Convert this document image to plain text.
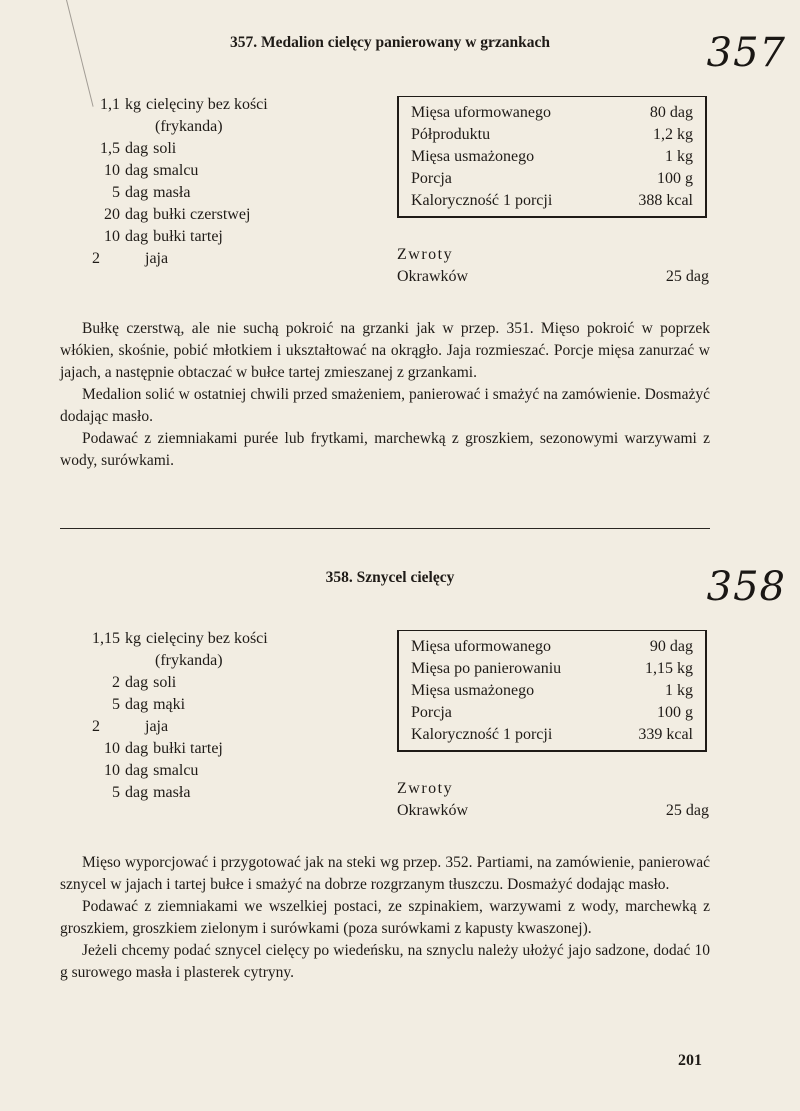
357
357. Medalion cielęcy panierowany w grzankach
1,1 kg cielęciny bez kości
(frykanda)
1,5 dag soli
10 dag smalcu
5 dag masła
20 dag bułki czerstwej
10 dag bułki tartej
2	jaja
Mięsa uformowanego	80 dag
Półproduktu	1,2 kg
Mięsa usmażonego	1 kg
Porcja	100 g
Kaloryczność 1 porcji	388 kcal
Zwroty
Okrawków	25 dag

Bułkę czerstwą, ale nie suchą pokroić na grzanki jak w przep. 351. Mięso pokroić w poprzek włókien, skośnie, pobić młotkiem i ukształtować na okrągło. Jaja rozmieszać. Porcje mięsa zanurzać w jajach, a następnie obtaczać w bułce tartej zmieszanej z grzankami.

Medalion solić w ostatniej chwili przed smażeniem, panierować i smażyć na zamówienie. Dosmażyć dodając masło.

Podawać z ziemniakami purée lub frytkami, marchewką z groszkiem, sezonowymi warzywami z wody, surówkami.

358
358. Sznycel cielęcy
1,15 kg cielęciny bez kości
(frykanda)
2 dag soli
5 dag mąki
2	jaja
10 dag bułki tartej
10 dag smalcu
5 dag masła
Mięsa uformowanego	90 dag
Mięsa po panierowaniu	1,15 kg
Mięsa usmażonego	1 kg
Porcja	100 g
Kaloryczność 1 porcji	339 kcal
Zwroty
Okrawków	25 dag

Mięso wyporcjować i przygotować jak na steki wg przep. 352. Partiami, na zamówienie, panierować sznycel w jajach i tartej bułce i smażyć na dobrze rozgrzanym tłuszczu. Dosmażyć dodając masło.

Podawać z ziemniakami we wszelkiej postaci, ze szpinakiem, warzywami z wody, marchewką z groszkiem, groszkiem zielonym i surówkami (poza surówkami z kapusty kwaszonej).

Jeżeli chcemy podać sznycel cielęcy po wiedeńsku, na sznyclu należy ułożyć jajo sadzone, dodać 10 g surowego masła i plasterek cytryny.

201
